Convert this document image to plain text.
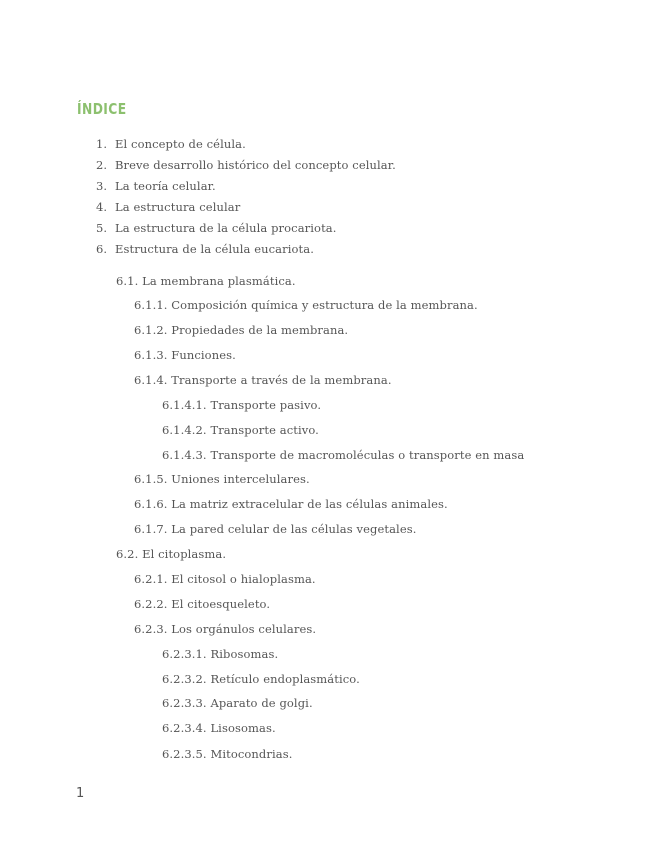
ÍNDICE
1. El concepto de célula.
2. Breve desarrollo histórico del concepto celular.
3. La teoría celular.
4. La estructura celular
5. La estructura de la célula procariota.
6. Estructura de la célula eucariota.
6.1. La membrana plasmática.
6.1.1. Composición química y estructura de la membrana.
6.1.2. Propiedades de la membrana.
6.1.3. Funciones.
6.1.4. Transporte a través de la membrana.
6.1.4.1. Transporte pasivo.
6.1.4.2. Transporte activo.
6.1.4.3. Transporte de macromoléculas o transporte en masa
6.1.5. Uniones intercelulares.
6.1.6. La matriz extracelular de las células animales.
6.1.7. La pared celular de las células vegetales.
6.2. El citoplasma.
6.2.1. El citosol o hialoplasma.
6.2.2. El citoesqueleto.
6.2.3. Los orgánulos celulares.
6.2.3.1. Ribosomas.
6.2.3.2. Retículo endoplasmático.
6.2.3.3. Aparato de golgi.
6.2.3.4. Lisosomas.
6.2.3.5. Mitocondrias.
1
